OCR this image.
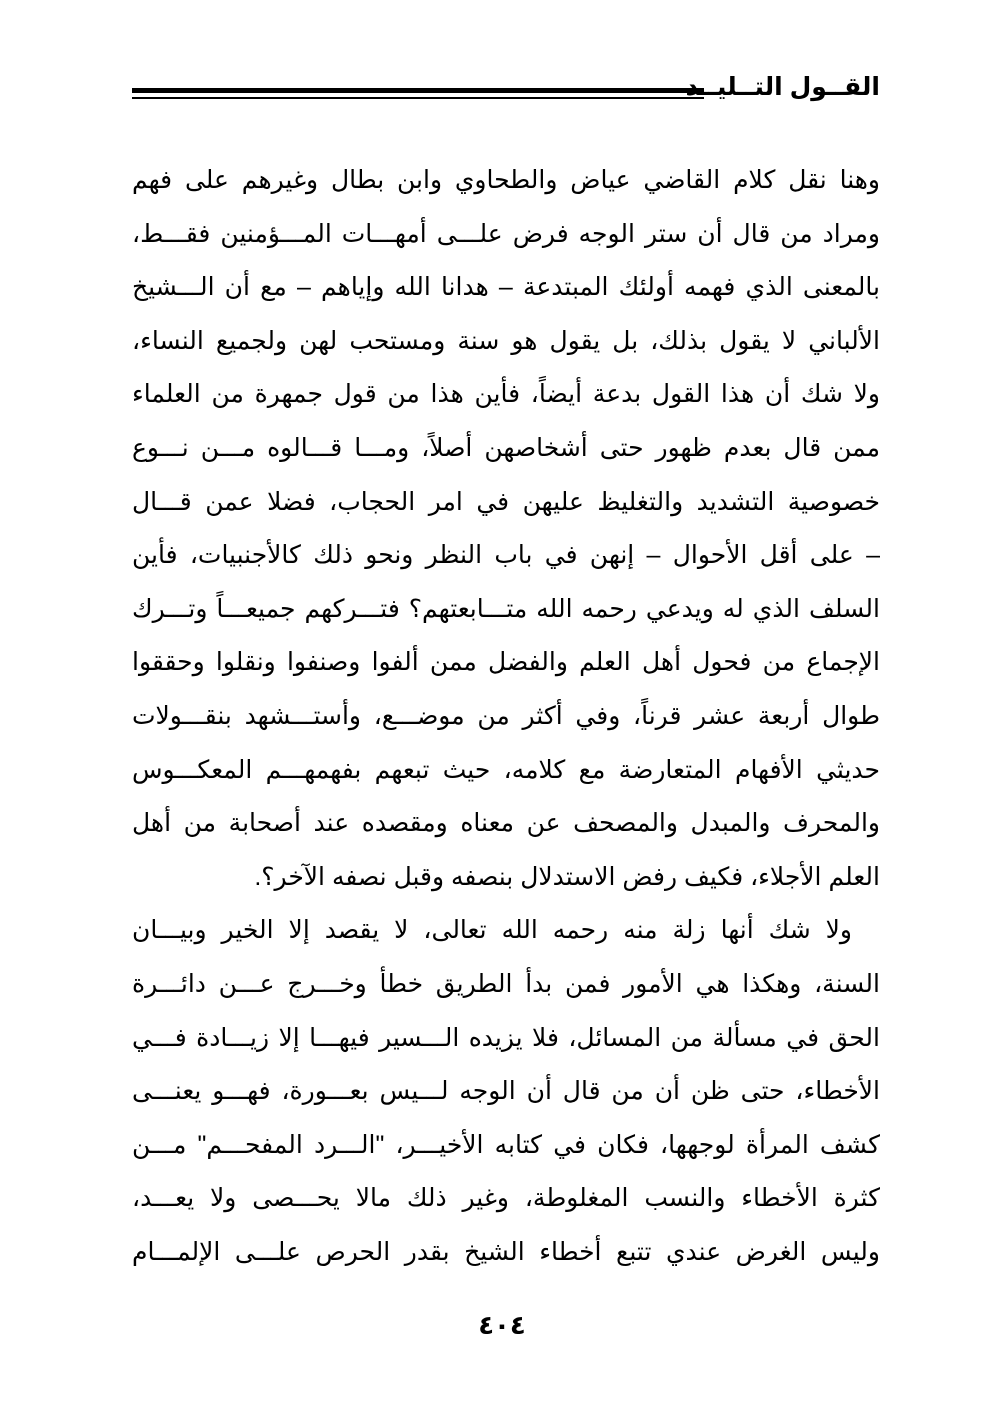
القــول التــليــد
وهنا نقل كلام القاضي عياض والطحاوي وابن بطال وغيرهم على فهم
ومراد من قال أن ستر الوجه فرض علـــى أمهـــات المـــؤمنين فقـــط،
بالمعنى الذي فهمه أولئك المبتدعة – هدانا الله وإياهم – مع أن الـــشيخ
الألباني لا يقول بذلك، بل يقول هو سنة ومستحب لهن ولجميع النساء،
ولا شك أن هذا القول بدعة أيضاً، فأين هذا من قول جمهرة من العلماء
ممن قال بعدم ظهور حتى أشخاصهن أصلاً، ومـــا قـــالوه مـــن نـــوع
خصوصية التشديد والتغليظ عليهن في امر الحجاب، فضلا عمن قـــال
– على أقل الأحوال – إنهن في باب النظر ونحو ذلك كالأجنبيات، فأين
السلف الذي له ويدعي رحمه الله متـــابعتهم؟ فتـــركهم جميعـــاً وتـــرك
الإجماع من فحول أهل العلم والفضل ممن ألفوا وصنفوا ونقلوا وحققوا
طوال أربعة عشر قرناً، وفي أكثر من موضـــع، وأستـــشهد بنقـــولات
حديثي الأفهام المتعارضة مع كلامه، حيث تبعهم بفهمهـــم المعكـــوس
والمحرف والمبدل والمصحف عن معناه ومقصده عند أصحابة من أهل
العلم الأجلاء، فكيف رفض الاستدلال بنصفه وقبل نصفه الآخر؟.
ولا شك أنها زلة منه رحمه الله تعالى، لا يقصد إلا الخير وبيـــان
السنة، وهكذا هي الأمور فمن بدأ الطريق خطأ وخـــرج عـــن دائـــرة
الحق في مسألة من المسائل، فلا يزيده الـــسير فيهـــا إلا زيـــادة فـــي
الأخطاء، حتى ظن أن من قال أن الوجه لـــيس بعـــورة، فهـــو يعنـــى
كشف المرأة لوجهها، فكان في كتابه الأخيـــر، "الـــرد المفحـــم" مـــن
كثرة الأخطاء والنسب المغلوطة، وغير ذلك مالا يحـــصى ولا يعـــد،
وليس الغرض عندي تتبع أخطاء الشيخ بقدر الحرص علـــى الإلمـــام
٤٠٤
